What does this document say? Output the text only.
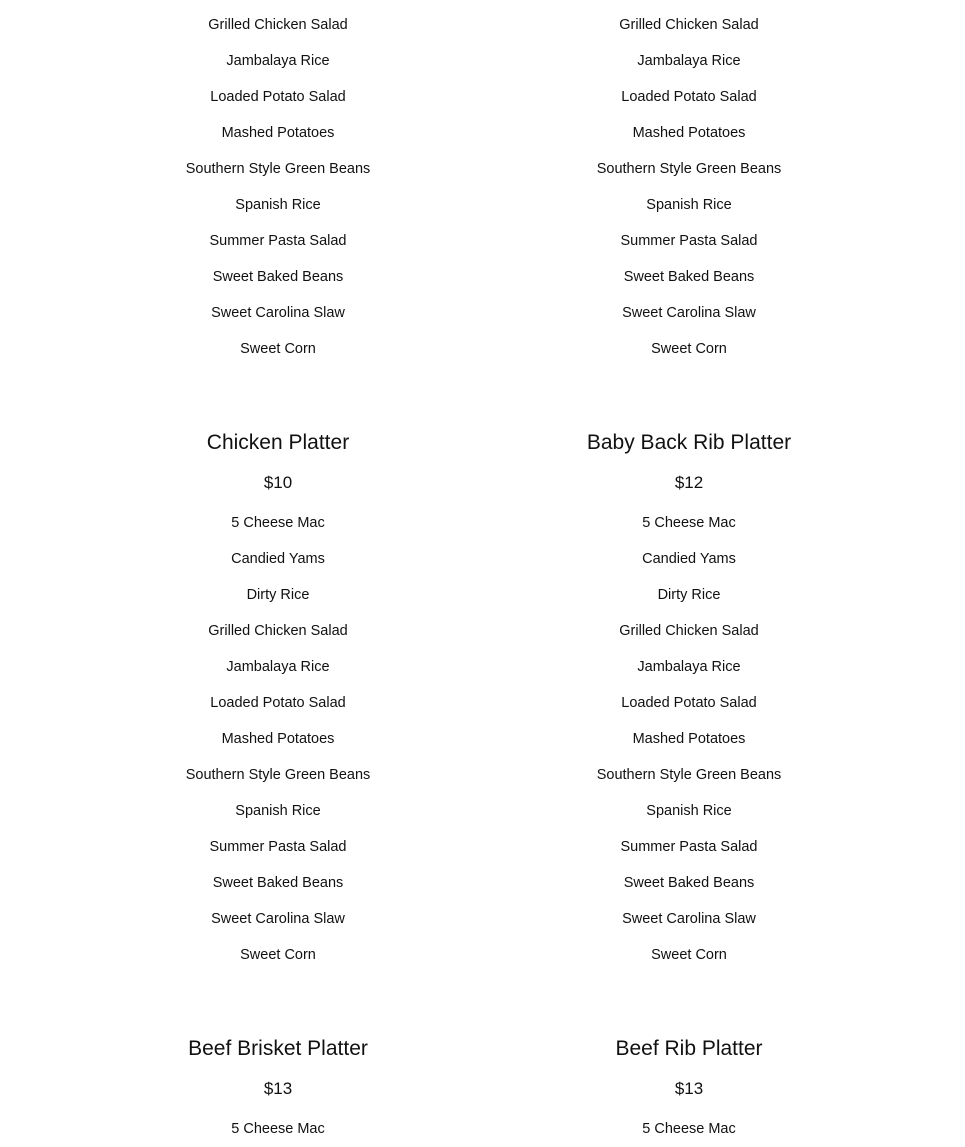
Grilled Chicken Salad
Jambalaya Rice
Loaded Potato Salad
Mashed Potatoes
Southern Style Green Beans
Spanish Rice
Summer Pasta Salad
Sweet Baked Beans
Sweet Carolina Slaw
Sweet Corn
Chicken Platter
$10
5 Cheese Mac
Candied Yams
Dirty Rice
Grilled Chicken Salad
Jambalaya Rice
Loaded Potato Salad
Mashed Potatoes
Southern Style Green Beans
Spanish Rice
Summer Pasta Salad
Sweet Baked Beans
Sweet Carolina Slaw
Sweet Corn
Beef Brisket Platter
$13
5 Cheese Mac
Grilled Chicken Salad
Jambalaya Rice
Loaded Potato Salad
Mashed Potatoes
Southern Style Green Beans
Spanish Rice
Summer Pasta Salad
Sweet Baked Beans
Sweet Carolina Slaw
Sweet Corn
Baby Back Rib Platter
$12
5 Cheese Mac
Candied Yams
Dirty Rice
Grilled Chicken Salad
Jambalaya Rice
Loaded Potato Salad
Mashed Potatoes
Southern Style Green Beans
Spanish Rice
Summer Pasta Salad
Sweet Baked Beans
Sweet Carolina Slaw
Sweet Corn
Beef Rib Platter
$13
5 Cheese Mac
